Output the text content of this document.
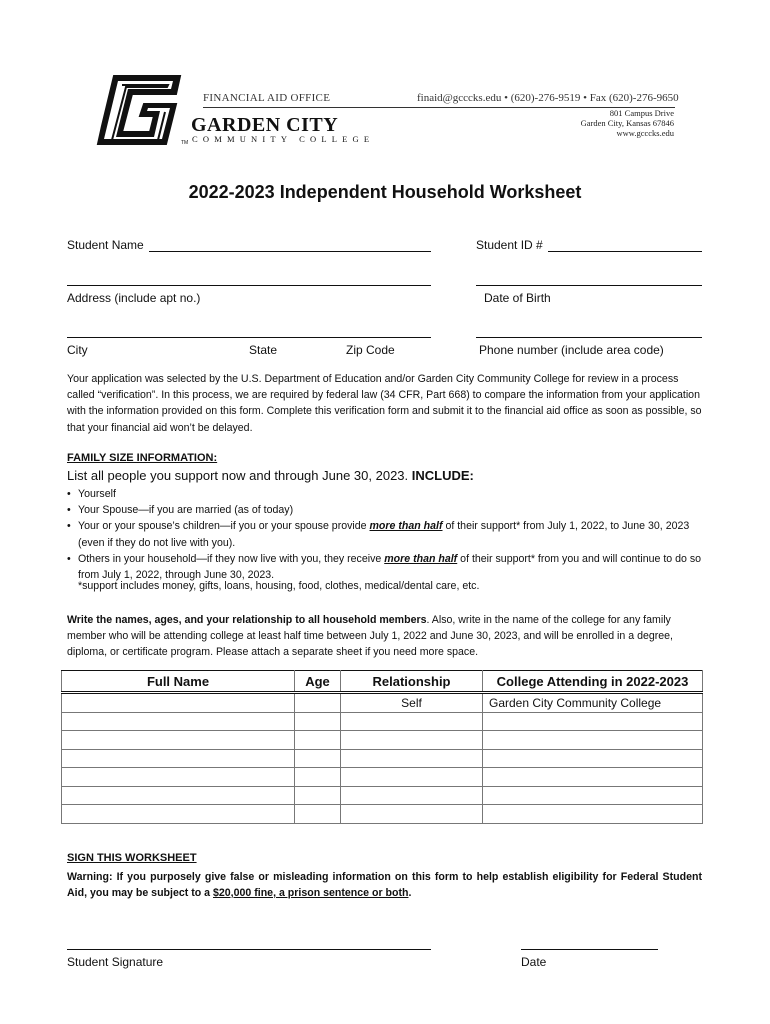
TM
FINANCIAL AID OFFICE	finaid@gcccks.edu • (620)-276-9519 • Fax (620)-276-9650
GARDEN CITY
COMMUNITY COLLEGE
801 Campus Drive
Garden City, Kansas 67846
www.gcccks.edu
2022-2023 Independent Household Worksheet
Student Name	Student ID #
Address (include apt no.)	Date of Birth
City	State	Zip Code	Phone number (include area code)
Your application was selected by the U.S. Department of Education and/or Garden City Community College for review in a process called “verification”. In this process, we are required by federal law (34 CFR, Part 668) to compare the information from your application with the information provided on this form. Complete this verification form and submit it to the financial aid office as soon as possible, so that your financial aid won’t be delayed.
FAMILY SIZE INFORMATION:
List all people you support now and through June 30, 2023. INCLUDE:
• Yourself
• Your Spouse—if you are married (as of today)
• Your or your spouse’s children—if you or your spouse provide more than half of their support* from July 1, 2022, to June 30, 2023 (even if they do not live with you).
• Others in your household—if they now live with you, they receive more than half of their support* from you and will continue to do so from July 1, 2022, through June 30, 2023.
*support includes money, gifts, loans, housing, food, clothes, medical/dental care, etc.
Write the names, ages, and your relationship to all household members. Also, write in the name of the college for any family member who will be attending college at least half time between July 1, 2022 and June 30, 2023, and will be enrolled in a degree, diploma, or certificate program. Please attach a separate sheet if you need more space.
Full Name	Age	Relationship	College Attending in 2022-2023
		Self	Garden City Community College

SIGN THIS WORKSHEET
Warning: If you purposely give false or misleading information on this form to help establish eligibility for Federal Student Aid, you may be subject to a $20,000 fine, a prison sentence or both.
Student Signature	Date
